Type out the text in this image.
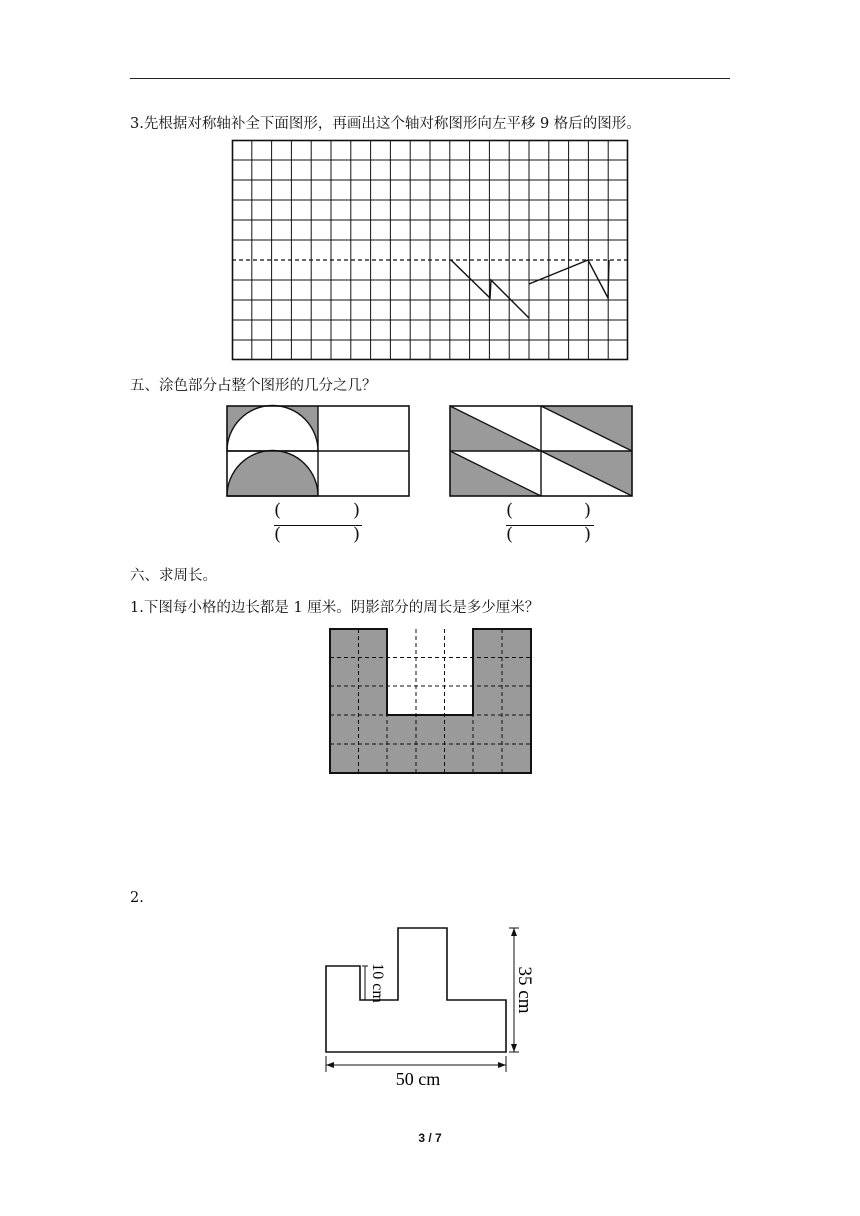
3.先根据对称轴补全下面图形，再画出这个轴对称图形向左平移 9 格后的图形。
五、涂色部分占整个图形的几分之几？
(	)
(	)
(	)
(	)
六、求周长。
1.下图每小格的边长都是 1 厘米。阴影部分的周长是多少厘米？
2.
10 cm	35 cm
50 cm
3 / 7
